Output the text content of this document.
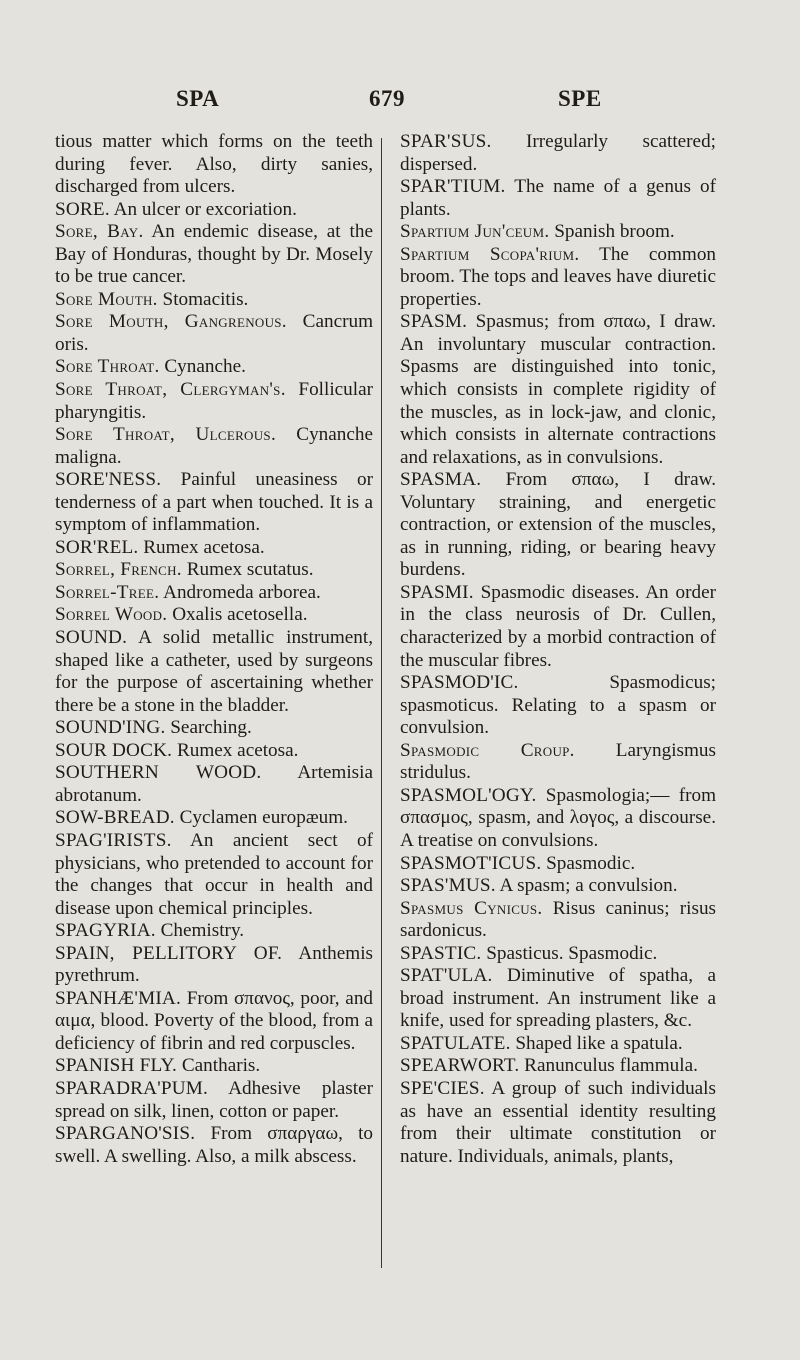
SPA	679	SPE

tious matter which forms on the teeth during fever. Also, dirty sanies, discharged from ulcers.

SORE. An ulcer or excoriation.

Sore, Bay. An endemic disease, at the Bay of Honduras, thought by Dr. Mosely to be true cancer.

Sore Mouth. Stomacitis.

Sore Mouth, Gangrenous. Cancrum oris.

Sore Throat. Cynanche.

Sore Throat, Clergyman's. Follicular pharyngitis.

Sore Throat, Ulcerous. Cynanche maligna.

SORE'NESS. Painful uneasiness or tenderness of a part when touched. It is a symptom of inflammation.

SOR'REL. Rumex acetosa.

Sorrel, French. Rumex scutatus.

Sorrel-Tree. Andromeda arborea.

Sorrel Wood. Oxalis acetosella.

SOUND. A solid metallic instrument, shaped like a catheter, used by surgeons for the purpose of ascertaining whether there be a stone in the bladder.

SOUND'ING. Searching.

SOUR DOCK. Rumex acetosa.

SOUTHERN WOOD. Artemisia abrotanum.

SOW-BREAD. Cyclamen europæum.

SPAG'IRISTS. An ancient sect of physicians, who pretended to account for the changes that occur in health and disease upon chemical principles.

SPAGYRIA. Chemistry.

SPAIN, PELLITORY OF. Anthemis pyrethrum.

SPANHÆ'MIA. From σπανος, poor, and αιμα, blood. Poverty of the blood, from a deficiency of fibrin and red corpuscles.

SPANISH FLY. Cantharis.

SPARADRA'PUM. Adhesive plaster spread on silk, linen, cotton or paper.

SPARGANO'SIS. From σπαργαω, to swell. A swelling. Also, a milk abscess.

SPAR'SUS. Irregularly scattered; dispersed.

SPAR'TIUM. The name of a genus of plants.

Spartium Jun'ceum. Spanish broom.

Spartium Scopa'rium. The common broom. The tops and leaves have diuretic properties.

SPASM. Spasmus; from σπαω, I draw. An involuntary muscular contraction. Spasms are distinguished into tonic, which consists in complete rigidity of the muscles, as in lock-jaw, and clonic, which consists in alternate contractions and relaxations, as in convulsions.

SPASMA. From σπαω, I draw. Voluntary straining, and energetic contraction, or extension of the muscles, as in running, riding, or bearing heavy burdens.

SPASMI. Spasmodic diseases. An order in the class neurosis of Dr. Cullen, characterized by a morbid contraction of the muscular fibres.

SPASMOD'IC.	Spasmodicus; spasmoticus. Relating to a spasm or convulsion.

Spasmodic Croup. Laryngismus stridulus.

SPASMOL'OGY. Spasmologia;— from σπασμος, spasm, and λογος, a discourse. A treatise on convulsions.

SPASMOT'ICUS. Spasmodic.

SPAS'MUS. A spasm; a convulsion.

Spasmus Cynicus. Risus caninus; risus sardonicus.

SPASTIC. Spasticus. Spasmodic.

SPAT'ULA. Diminutive of spatha, a broad instrument. An instrument like a knife, used for spreading plasters, &c.

SPATULATE. Shaped like a spatula.

SPEARWORT. Ranunculus flammula.

SPE'CIES. A group of such individuals as have an essential identity resulting from their ultimate constitution or nature. Individuals, animals, plants,
